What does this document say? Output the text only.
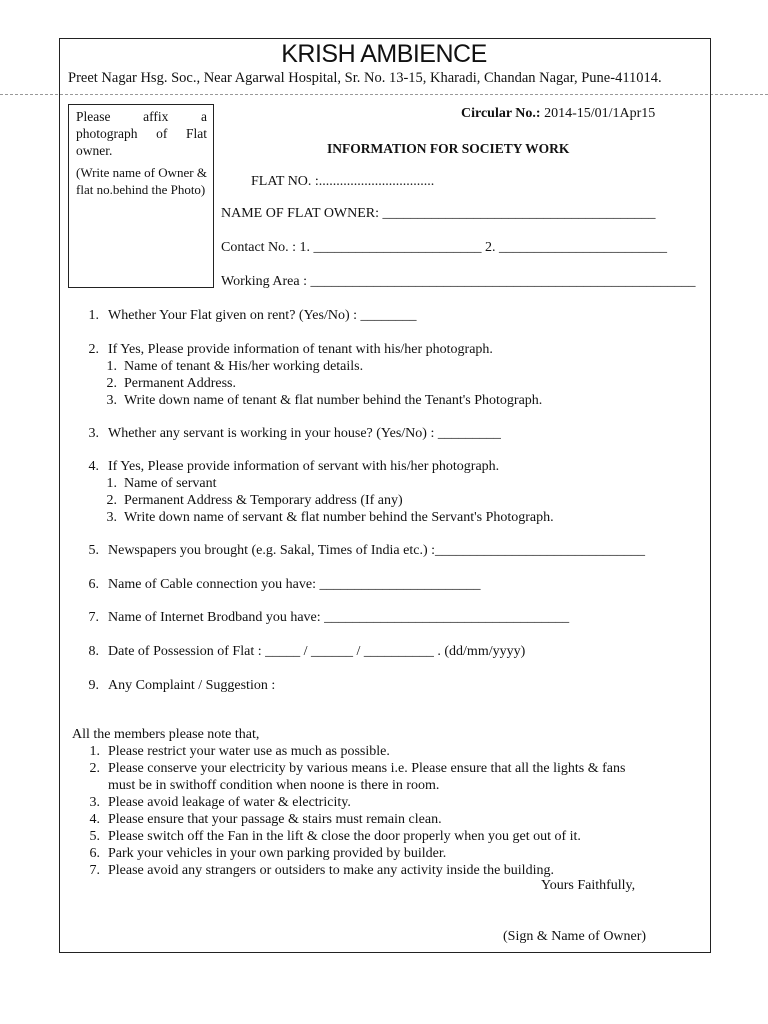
KRISH AMBIENCE
Preet Nagar Hsg. Soc., Near Agarwal Hospital, Sr. No. 13-15, Kharadi, Chandan Nagar, Pune-411014.

Please affix a photograph of Flat owner.

(Write name of Owner & flat no.behind the Photo)

Circular No.: 2014-15/01/1Apr15
INFORMATION FOR SOCIETY WORK
FLAT NO. :.................................
NAME OF FLAT OWNER: _______________________________________
Contact No. : 1. ________________________ 2. ________________________
Working Area : _______________________________________________________
1. Whether Your Flat given on rent? (Yes/No) : ________
2. If Yes, Please provide information of tenant with his/her photograph.
1. Name of tenant & His/her working details.
2. Permanent Address.
3. Write down name of tenant & flat number behind the Tenant's Photograph.
3. Whether any servant is working in your house? (Yes/No) : _________
4. If Yes, Please provide information of servant with his/her photograph.
1. Name of servant
2. Permanent Address & Temporary address (If any)
3. Write down name of servant & flat number behind the Servant's Photograph.
5. Newspapers you brought (e.g. Sakal, Times of India etc.) :______________________________
6. Name of Cable connection you have: _______________________
7. Name of Internet Brodband you have: ___________________________________
8. Date of Possession of Flat : _____ / ______ / __________ . (dd/mm/yyyy)
9. Any Complaint / Suggestion :
All the members please note that,
1. Please restrict your water use as much as possible.
2. Please conserve your electricity by various means i.e. Please ensure that all the lights & fans
must be in swithoff condition when noone is there in room.
3. Please avoid leakage of water & electricity.
4. Please ensure that your passage & stairs must remain clean.
5. Please switch off the Fan in the lift & close the door properly when you get out of it.
6. Park your vehicles in your own parking provided by builder.
7. Please avoid any strangers or outsiders to make any activity inside the building.
Yours Faithfully,
(Sign & Name of Owner)
